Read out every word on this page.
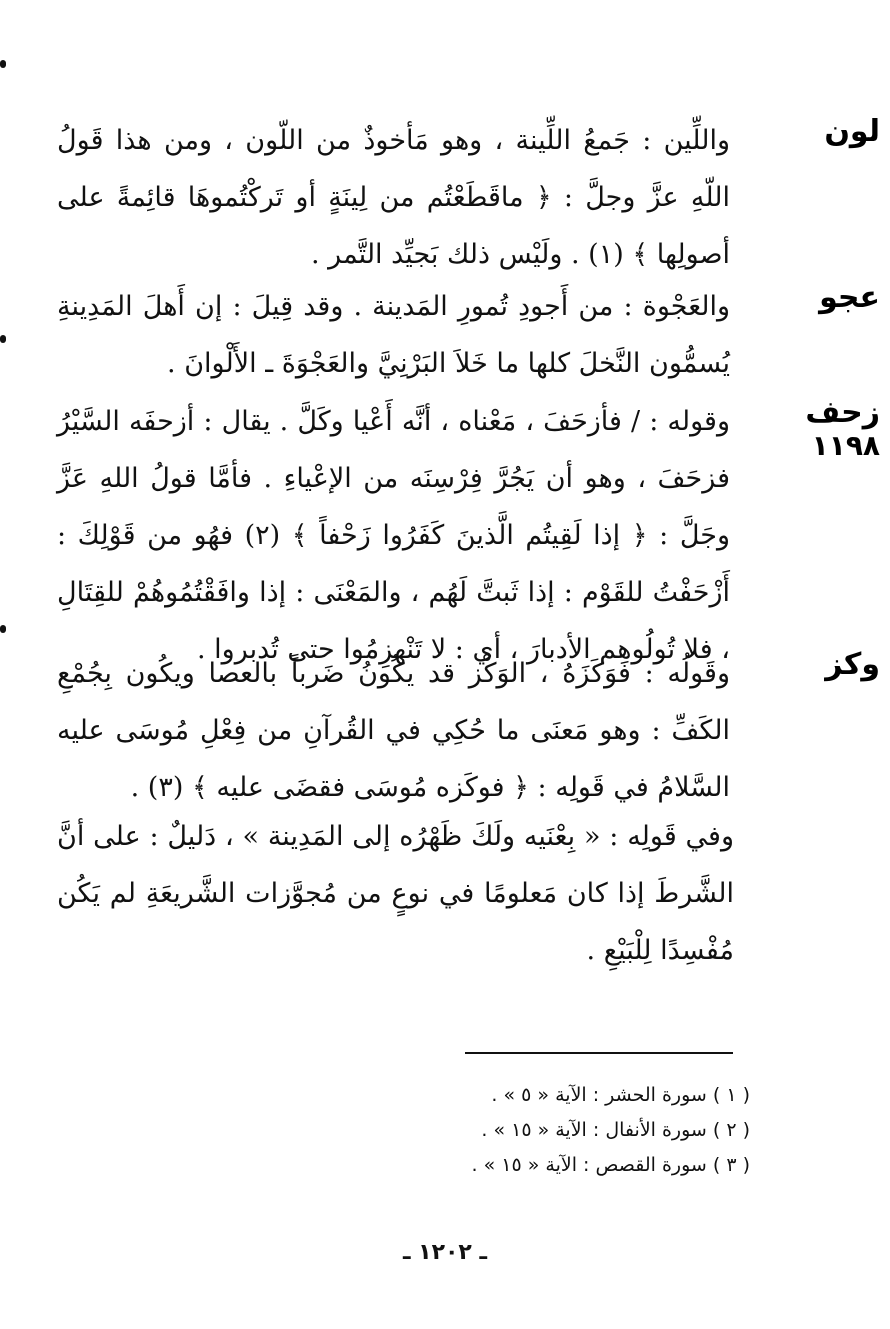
لون
واللِّين : جَمعُ اللِّينة ، وهو مَأخوذٌ من اللّون ، ومن هذا قَولُ اللّهِ عزَّ وجلَّ : ﴿ ماقَطَعْتُم من لِينَةٍ أو تَركْتُموهَا قائِمةً على أصولِها ﴾ (١) . ولَيْس ذلك بَجيِّد التَّمر .
عجو
والعَجْوة : من أَجودِ تُمورِ المَدينة . وقد قِيلَ : إن أَهلَ المَدِينةِ يُسمُّون النَّخلَ كلها ما خَلاَ البَرْنِيَّ والعَجْوَةَ ـ الأَلْوانَ .
زحف
١١٩٨
وقوله : / فأزحَفَ ، مَعْناه ، أنَّه أَعْيا وكَلَّ . يقال : أزحفَه السَّيْرُ فزحَفَ ، وهو أن يَجُرَّ فِرْسِنَه من الإعْياءِ . فأمَّا قولُ اللهِ عَزَّ وجَلَّ : ﴿ إذا لَقِيتُم الَّذينَ كَفَرُوا زَحْفاً ﴾ (٢) فهُو من قَوْلِكَ : أَزْحَفْتُ للقَوْم : إذا ثَبتَّ لَهُم ، والمَعْنَى : إذا وافَقْتُمُوهُمْ للقِتَالِ ، فلا تُولُوهم الأدبارَ ، أي : لا تَنْهزِمُوا حتى تُدبروا .	وكز
وقَولُه : فَوَكَزَهُ ، الوَكْز قد يكُونُ ضَرباً بالعصا ويكُون بِجُمْعِ الكَفِّ : وهو مَعنَى ما حُكِي في القُرآنِ من فِعْلِ مُوسَى عليه السَّلامُ في قَولِه : ﴿ فوكَزه مُوسَى فقضَى عليه ﴾ (٣) .
وفي قَولِه : « بِعْنَيه ولَكَ ظَهْرُه إلى المَدِينة » ، دَليلٌ : على أنَّ الشَّرطَ إذا كان مَعلومًا في نوعٍ من مُجوَّزات الشَّريعَةِ لم يَكُن مُفْسِدًا لِلْبَيْعِ .
( ١ ) سورة الحشر : الآية « ٥ » .
( ٢ ) سورة الأنفال : الآية « ١٥ » .
( ٣ ) سورة القصص : الآية « ١٥ » .
ـ ١٢٠٢ ـ
